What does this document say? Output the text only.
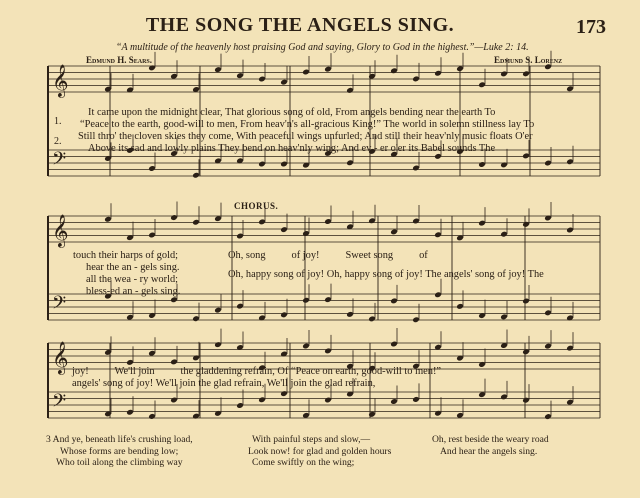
THE SONG THE ANGELS SING.	173
“A multitude of the heavenly host praising God and saying, Glory to God in the highest.”—Luke 2: 14.
Edmund H. Sears.	Edmund S. Lorenz
𝄞
𝄢
𝄞
𝄢
𝄞
𝄢
1.
2.
It came upon the midnight clear, That glorious song of old, From angels bending near the earth To
“Peace to the earth, good-will to men, From heav'n's all-gracious King!” The world in solemn stillness lay To
Still thro' the cloven skies they come, With peaceful wings unfurled; And still their heav'nly music floats O'er
Above its sad and lowly plains They bend on heav'nly wing; And ev - er o'er its Babel sounds The
CHORUS.
touch their harps of gold;
hear the an - gels sing.
all the wea - ry world;
bless-ed an - gels sing.
Oh, song          of joy!          Sweet song          of
Oh, happy song of joy! Oh, happy song of joy! The angels' song of joy! The
joy!          We'll join          the gladdening refrain, Of “Peace on earth, good-will to men!”
angels' song of joy! We'll join the glad refrain, We'll join the glad refrain,
3 And ye, beneath life's crushing load,
Whose forms are bending low;
Who toil along the climbing way
With painful steps and slow,—
Look now! for glad and golden hours
Come swiftly on the wing;
Oh, rest beside the weary road
And hear the angels sing.
